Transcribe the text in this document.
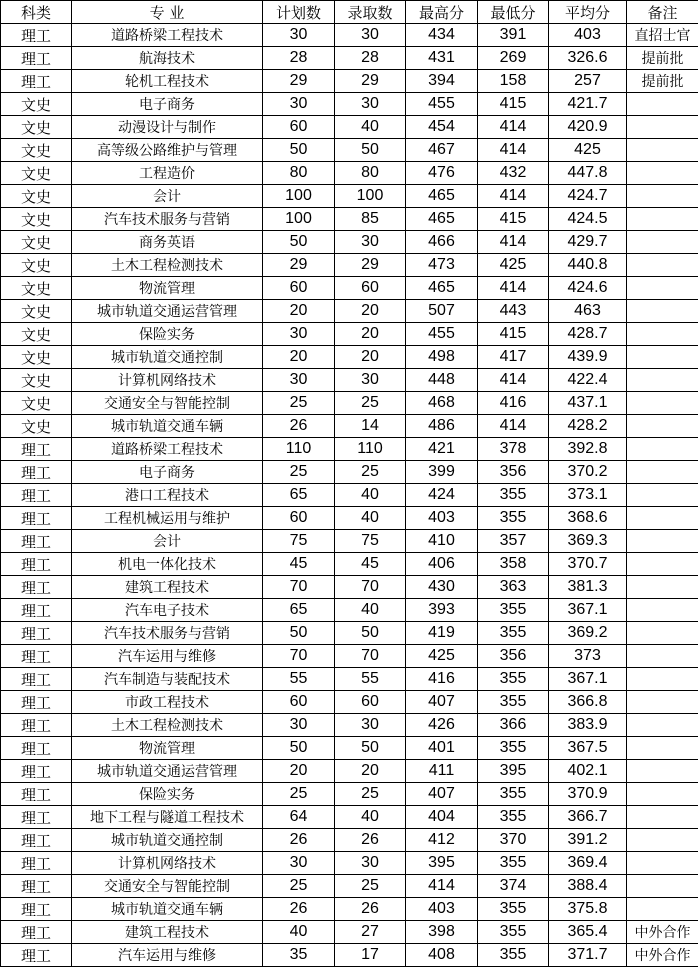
科类	专 业	计划数	录取数	最高分	最低分	平均分	备注
理工	道路桥梁工程技术	30	30	434	391	403	直招士官
理工	航海技术	28	28	431	269	326.6	提前批
理工	轮机工程技术	29	29	394	158	257	提前批
文史	电子商务	30	30	455	415	421.7	
文史	动漫设计与制作	60	40	454	414	420.9	
文史	高等级公路维护与管理	50	50	467	414	425	
文史	工程造价	80	80	476	432	447.8	
文史	会计	100	100	465	414	424.7	
文史	汽车技术服务与营销	100	85	465	415	424.5	
文史	商务英语	50	30	466	414	429.7	
文史	土木工程检测技术	29	29	473	425	440.8	
文史	物流管理	60	60	465	414	424.6	
文史	城市轨道交通运营管理	20	20	507	443	463	
文史	保险实务	30	20	455	415	428.7	
文史	城市轨道交通控制	20	20	498	417	439.9	
文史	计算机网络技术	30	30	448	414	422.4	
文史	交通安全与智能控制	25	25	468	416	437.1	
文史	城市轨道交通车辆	26	14	486	414	428.2	
理工	道路桥梁工程技术	110	110	421	378	392.8	
理工	电子商务	25	25	399	356	370.2	
理工	港口工程技术	65	40	424	355	373.1	
理工	工程机械运用与维护	60	40	403	355	368.6	
理工	会计	75	75	410	357	369.3	
理工	机电一体化技术	45	45	406	358	370.7	
理工	建筑工程技术	70	70	430	363	381.3	
理工	汽车电子技术	65	40	393	355	367.1	
理工	汽车技术服务与营销	50	50	419	355	369.2	
理工	汽车运用与维修	70	70	425	356	373	
理工	汽车制造与装配技术	55	55	416	355	367.1	
理工	市政工程技术	60	60	407	355	366.8	
理工	土木工程检测技术	30	30	426	366	383.9	
理工	物流管理	50	50	401	355	367.5	
理工	城市轨道交通运营管理	20	20	411	395	402.1	
理工	保险实务	25	25	407	355	370.9	
理工	地下工程与隧道工程技术	64	40	404	355	366.7	
理工	城市轨道交通控制	26	26	412	370	391.2	
理工	计算机网络技术	30	30	395	355	369.4	
理工	交通安全与智能控制	25	25	414	374	388.4	
理工	城市轨道交通车辆	26	26	403	355	375.8	
理工	建筑工程技术	40	27	398	355	365.4	中外合作
理工	汽车运用与维修	35	17	408	355	371.7	中外合作
